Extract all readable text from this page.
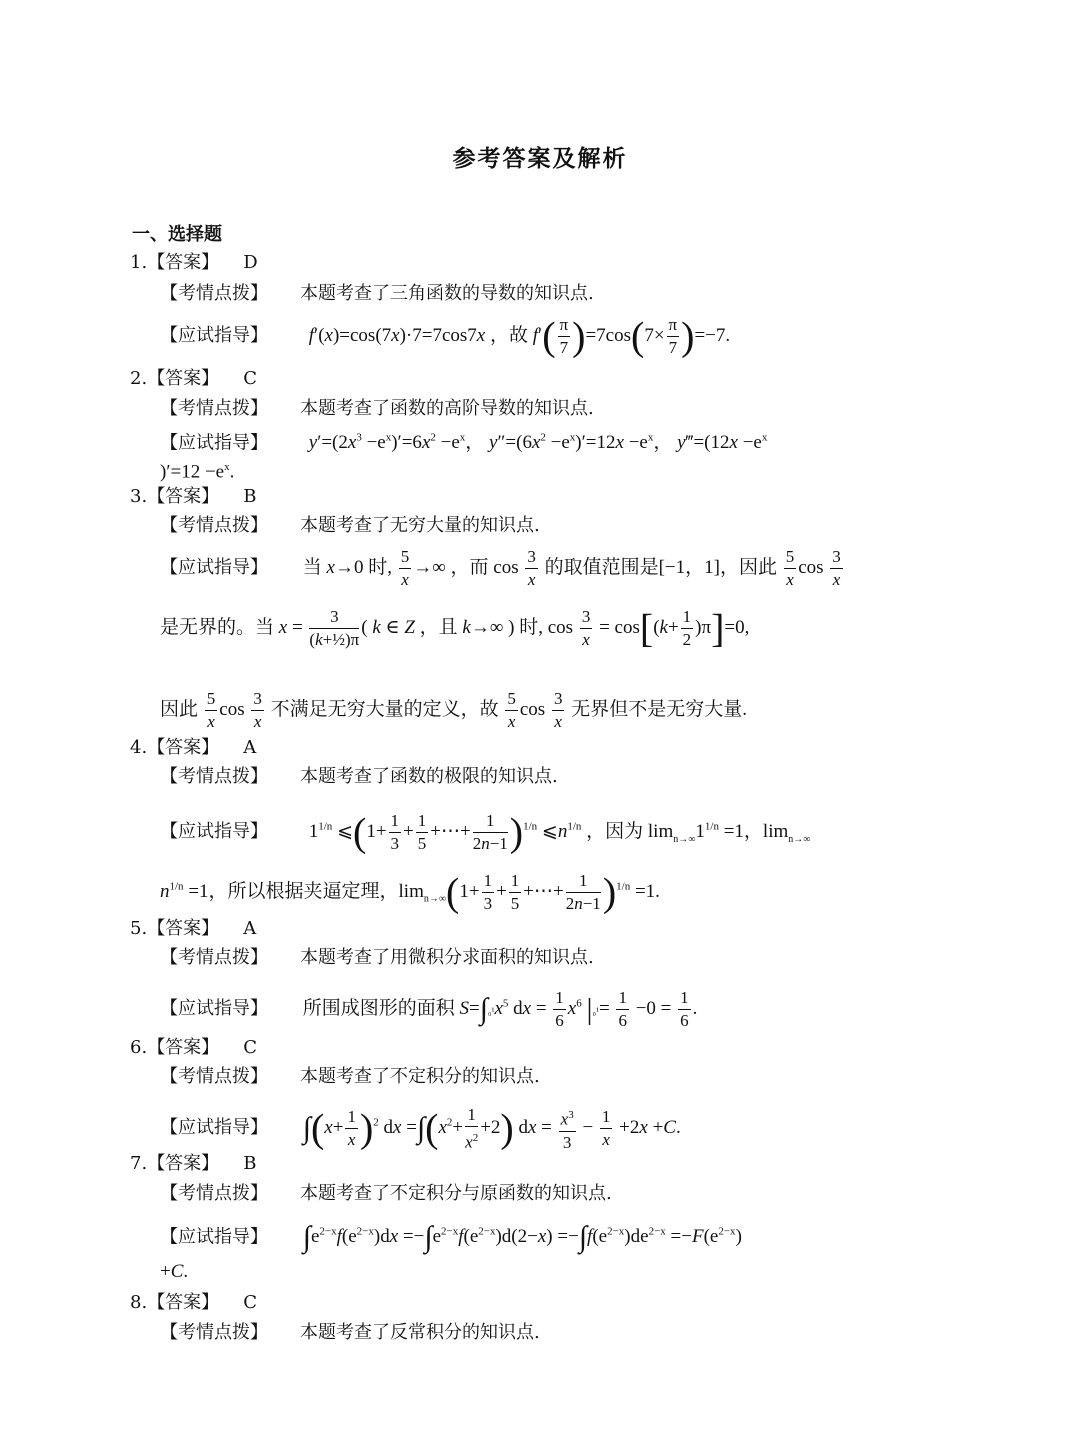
参考答案及解析
一、选择题
1.【答案】 D
【考情点拨】 本题考查了三角函数的导数的知识点.
【应试指导】 f′(x)=cos(7x)·7=7cos7x ，故 $f'( \frac{\pi}{7} )=7\cos(7\times \frac{\pi}{7} )=-7$.
2.【答案】 C
【考情点拨】 本题考查了函数的高阶导数的知识点.
【应试指导】 $y'=(2x^3 -e^x)'=6x^2 -e^x$， $y''=(6x^2 -e^x)'=12x -e^x$， y‴=(12x $-e^x$
)$'=12 -e^x$.
3.【答案】 B
【考情点拨】 本题考查了无穷大量的知识点.
【应试指导】 当 x→0 时, $\frac{5}{x}$ →∞ ，而 $\cos \frac{3}{x}$ 的取值范围是[−1，1]，因此 $\frac{5}{x}$ $\cos \frac{3}{x}$
是无界的。当 $x = \frac{3}{\text{(k+½)π}}$ ( k ∈ Z ，且 k→∞ ) 时, $\cos \frac{3}{x} = \cos[(k+ \frac{1}{2} )\pi]=0$,
因此 $\frac{5}{x}$ $\cos \frac{3}{x}$ 不满足无穷大量的定义，故 $\frac{5}{x}$ $\cos \frac{3}{x}$ 无界但不是无穷大量.
4.【答案】 A
【考情点拨】 本题考查了函数的极限的知识点.
【应试指导】 $1^{1/n}$ ⩽(1+ $\frac{1}{3} + \frac{1}{5}$ +⋯+ $\frac{1}{2n-1} )^{1/n}$ $⩽n^{1/n}$ ，因为 $\lim_{n\to\infty}1^{1/n} =1$，$\lim_{n\to\infty}$
$n^{1/n} =1$，所以根据夹逼定理，$\lim_{n\to\infty}(1+ \frac{1}{3} + \frac{1}{5}$ +⋯+ $\frac{1}{2n-1} )^{1/n} =1$.
5.【答案】 A
【考情点拨】 本题考查了用微积分求面积的知识点.
【应试指导】 所围成图形的面积 $S=\int_0^1x^5$ dx = $\frac{1}{6} x^6$ $|_0^1= \frac{1}{6} -0 = \frac{1}{6}$ .
6.【答案】 C
【考情点拨】 本题考查了不定积分的知识点.
【应试指导】 $\int(x+ \frac{1}{x} )^2$ dx $=\int(x^2+ \frac{1}{x^2} +2)$ dx = $\frac{x^3}{3} - \frac{1}{x} +2x +C$.
7.【答案】 B
【考情点拨】 本题考查了不定积分与原函数的知识点.
【应试指导】 $\int e^{2-x}f(e^{2-x})dx =-\int e^{2-x}f(e^{2-x})d(2-x) =-\int f(e^{2-x})de^{2-x} =-F(e^{2-x})$
+C.
8.【答案】 C
【考情点拨】 本题考查了反常积分的知识点.
